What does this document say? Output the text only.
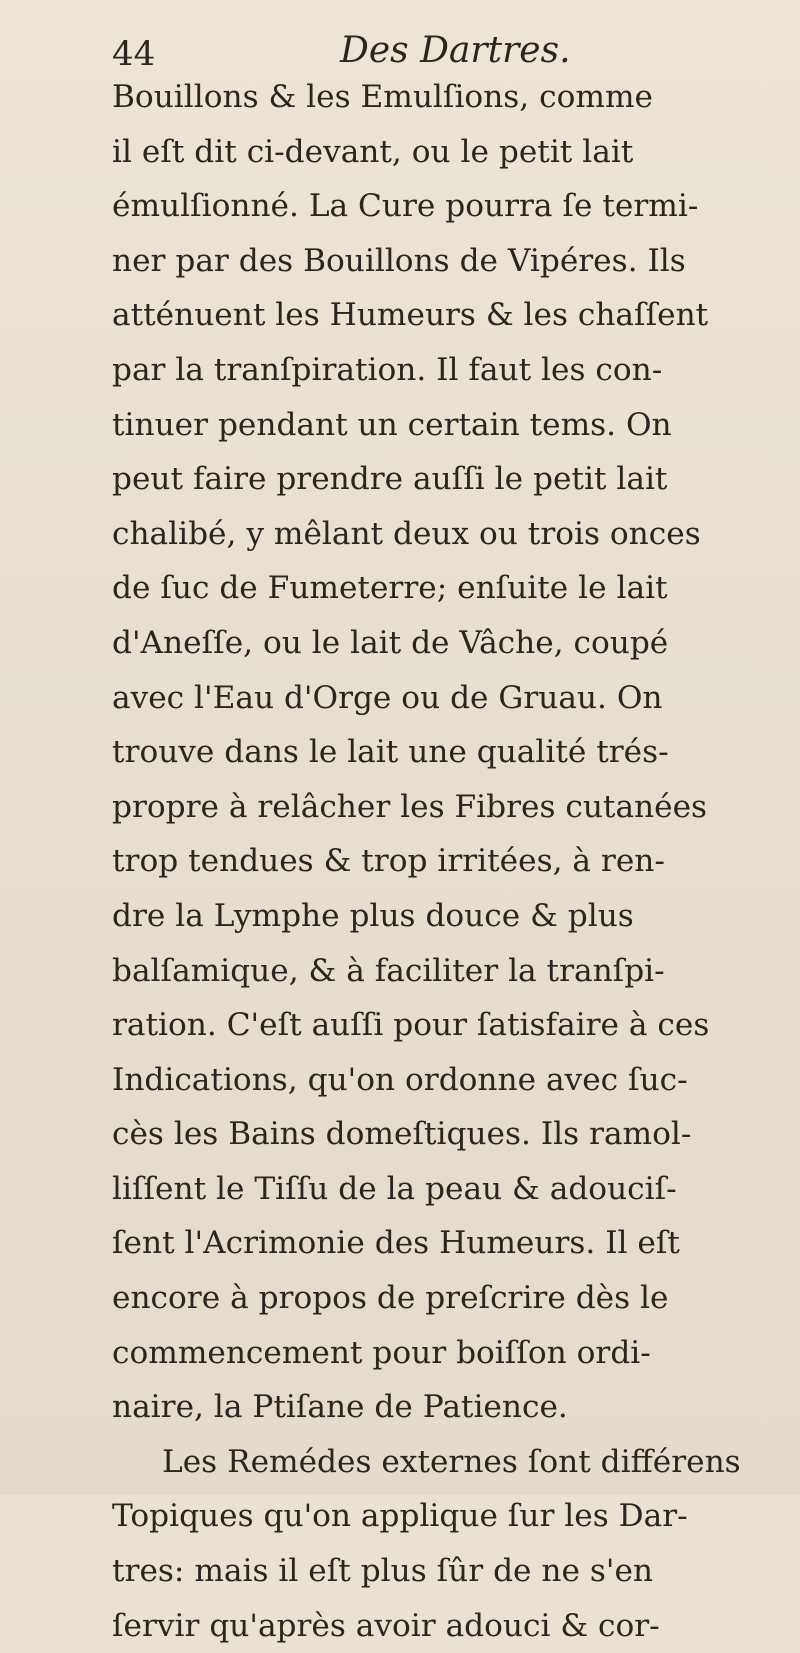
44	Des Dartres.
Bouillons & les Emulſions, comme
il eſt dit ci-devant, ou le petit lait
émulſionné. La Cure pourra ſe termi-
ner par des Bouillons de Vipéres. Ils
atténuent les Humeurs & les chaſſent
par la tranſpiration. Il faut les con-
tinuer pendant un certain tems. On
peut faire prendre auſſi le petit lait
chalibé, y mêlant deux ou trois onces
de ſuc de Fumeterre; enſuite le lait
d'Aneſſe, ou le lait de Vâche, coupé
avec l'Eau d'Orge ou de Gruau. On
trouve dans le lait une qualité trés-
propre à relâcher les Fibres cutanées
trop tendues & trop irritées, à ren-
dre la Lymphe plus douce & plus
balſamique, & à faciliter la tranſpi-
ration. C'eſt auſſi pour ſatisfaire à ces
Indications, qu'on ordonne avec ſuc-
cès les Bains domeſtiques. Ils ramol-
liſſent le Tiſſu de la peau & adouciſ-
ſent l'Acrimonie des Humeurs. Il eſt
encore à propos de preſcrire dès le
commencement pour boiſſon ordi-
naire, la Ptiſane de Patience.
Les Remédes externes ſont différens
Topiques qu'on applique ſur les Dar-
tres: mais il eſt plus ſûr de ne s'en
ſervir qu'après avoir adouci & cor-
